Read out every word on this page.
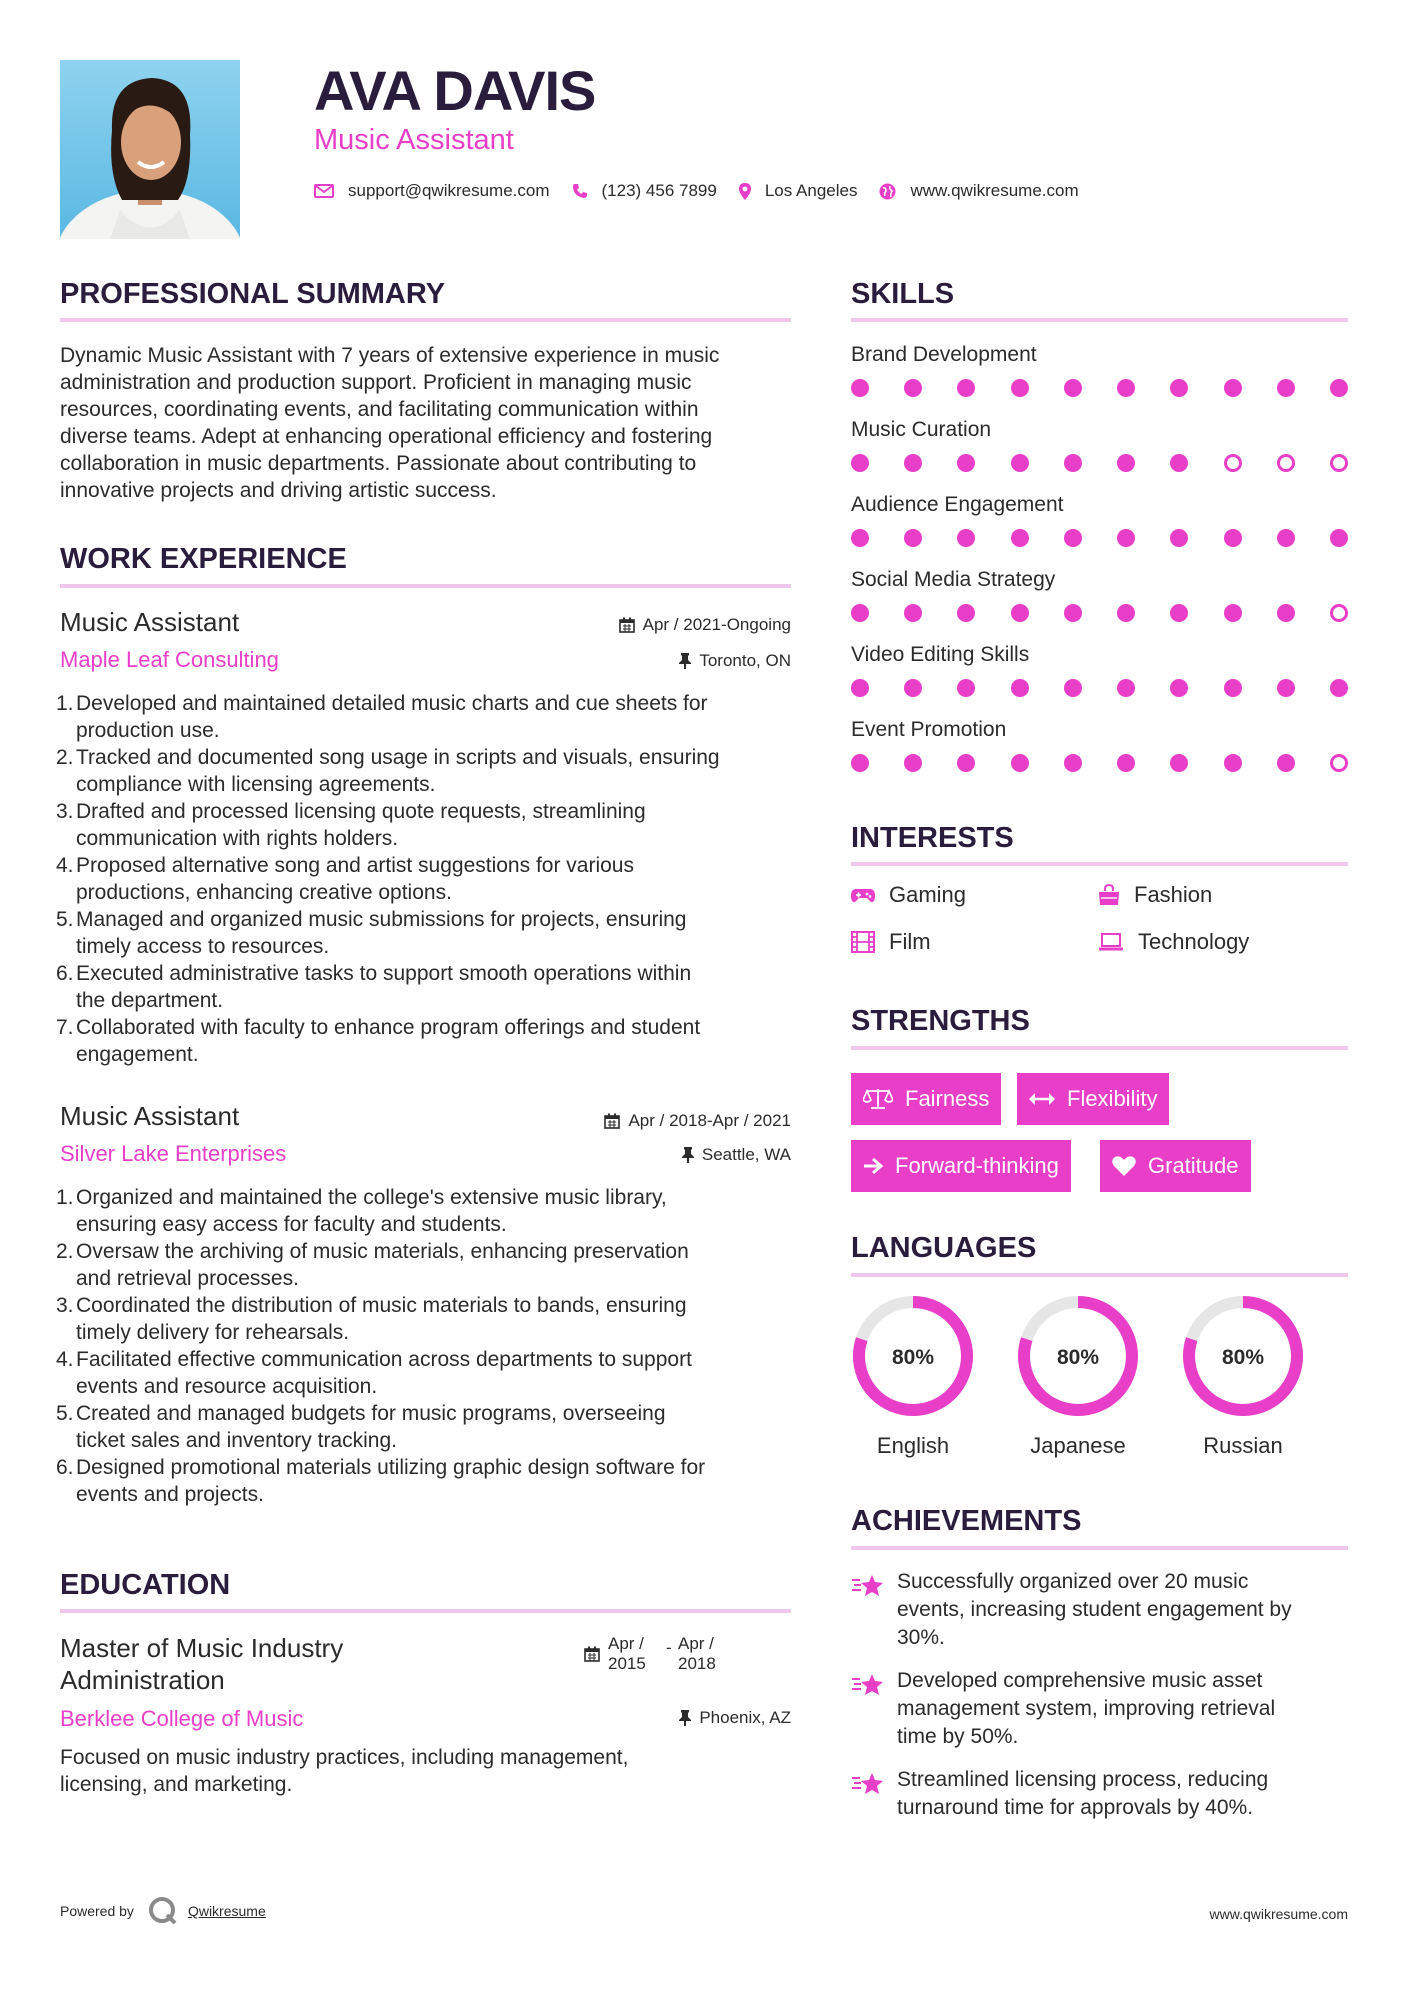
AVA DAVIS
Music Assistant
support@qwikresume.com	(123) 456 7899	Los Angeles	www.qwikresume.com
PROFESSIONAL SUMMARY
Dynamic Music Assistant with 7 years of extensive experience in music
administration and production support. Proficient in managing music
resources, coordinating events, and facilitating communication within
diverse teams. Adept at enhancing operational efficiency and fostering
collaboration in music departments. Passionate about contributing to
innovative projects and driving artistic success.
WORK EXPERIENCE
Music Assistant	Apr / 2021-Ongoing
Maple Leaf Consulting	Toronto, ON
1. Developed and maintained detailed music charts and cue sheets for
production use.
2. Tracked and documented song usage in scripts and visuals, ensuring
compliance with licensing agreements.
3. Drafted and processed licensing quote requests, streamlining
communication with rights holders.
4. Proposed alternative song and artist suggestions for various
productions, enhancing creative options.
5. Managed and organized music submissions for projects, ensuring
timely access to resources.
6. Executed administrative tasks to support smooth operations within
the department.
7. Collaborated with faculty to enhance program offerings and student
engagement.
Music Assistant	Apr / 2018-Apr / 2021
Silver Lake Enterprises	Seattle, WA
1. Organized and maintained the college's extensive music library,
ensuring easy access for faculty and students.
2. Oversaw the archiving of music materials, enhancing preservation
and retrieval processes.
3. Coordinated the distribution of music materials to bands, ensuring
timely delivery for rehearsals.
4. Facilitated effective communication across departments to support
events and resource acquisition.
5. Created and managed budgets for music programs, overseeing
ticket sales and inventory tracking.
6. Designed promotional materials utilizing graphic design software for
events and projects.
EDUCATION
Master of Music Industry
Administration
Apr /
2015
- Apr /
2018
Berklee College of Music	Phoenix, AZ
Focused on music industry practices, including management,
licensing, and marketing.
SKILLS
Brand Development
Music Curation
Audience Engagement
Social Media Strategy
Video Editing Skills
Event Promotion
INTERESTS
Gaming	Fashion
Film	Technology
STRENGTHS
Fairness	Flexibility
Forward-thinking	Gratitude
LANGUAGES
80%
English
80%
Japanese
80%
Russian
ACHIEVEMENTS
Successfully organized over 20 music
events, increasing student engagement by
30%.
Developed comprehensive music asset
management system, improving retrieval
time by 50%.
Streamlined licensing process, reducing
turnaround time for approvals by 40%.
Powered by	Qwikresume	www.qwikresume.com
